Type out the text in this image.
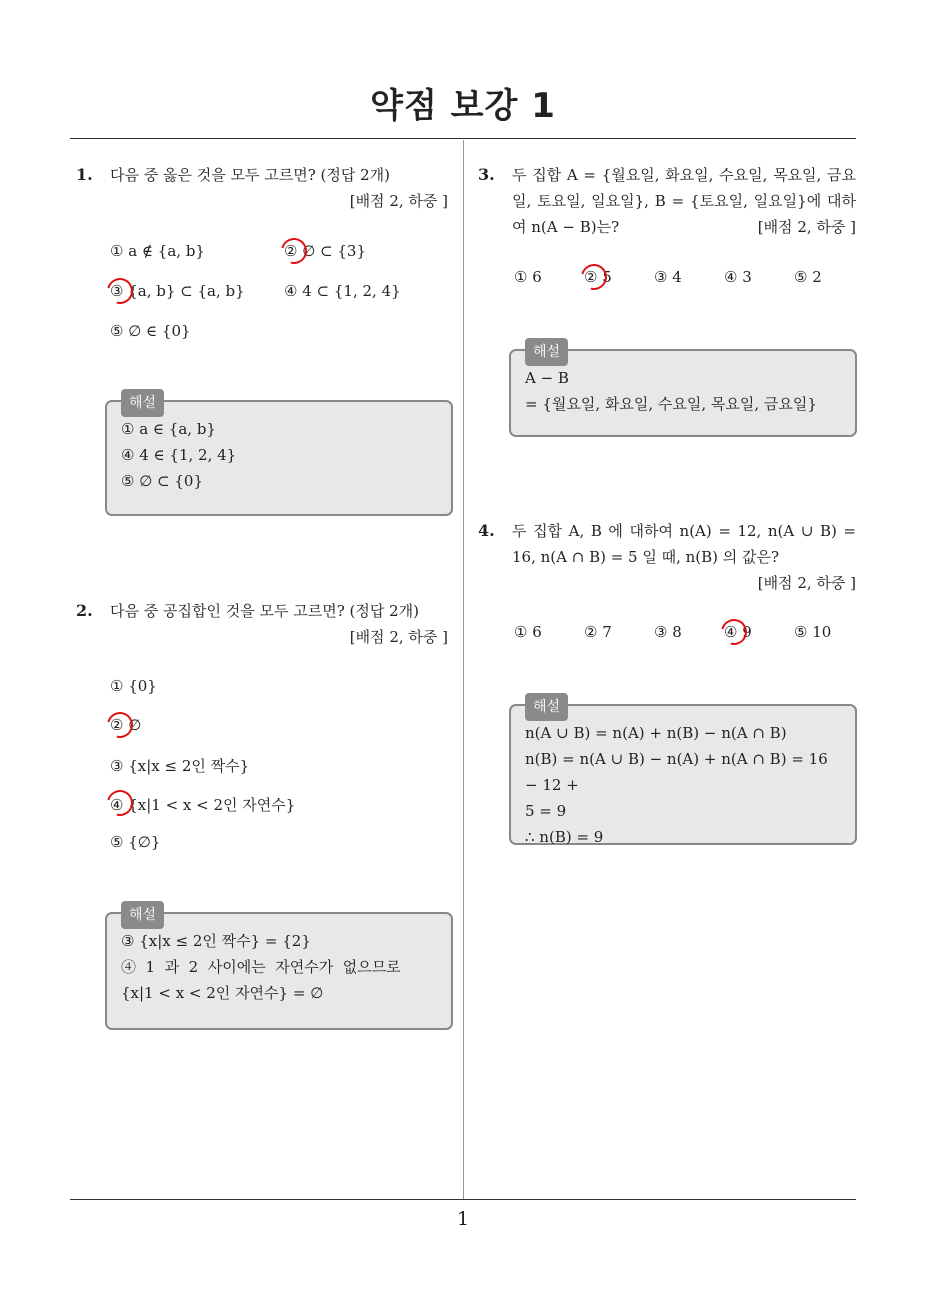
약점 보강 1
1
1. 다음 중 옳은 것을 모두 고르면? (정답 2개)
[배점 2, 하중 ]
① a ∉ {a, b}	② ∅ ⊂ {3}
③ {a, b} ⊂ {a, b}	④ 4 ⊂ {1, 2, 4}
⑤ ∅ ∈ {0}
해설

① a ∈ {a, b}

④ 4 ∈ {1, 2, 4}

⑤ ∅ ⊂ {0}

2. 다음 중 공집합인 것을 모두 고르면? (정답 2개)
[배점 2, 하중 ]
① {0}
② ∅
③ {x|x ≤ 2인 짝수}
④ {x|1 < x < 2인 자연수}
⑤ {∅}
해설

③ {x|x ≤ 2인 짝수} = {2}

④  1  과  2  사이에는  자연수가  없으므로

{x|1 < x < 2인 자연수} = ∅

3. 두 집합 A = {월요일, 화요일, 수요일, 목요일, 금요일, 토요일, 일요일}, B = {토요일, 일요일}에 대하여 n(A − B)는?	[배점 2, 하중 ]
① 6	② 5	③ 4	④ 3	⑤ 2
해설

A − B

= {월요일, 화요일, 수요일, 목요일, 금요일}

4. 두 집합 A, B 에 대하여 n(A) = 12, n(A ∪ B) = 16, n(A ∩ B) = 5 일 때, n(B) 의 값은?
[배점 2, 하중 ]
① 6	② 7	③ 8	④ 9	⑤ 10
해설

n(A ∪ B) = n(A) + n(B) − n(A ∩ B)

n(B) = n(A ∪ B) − n(A) + n(A ∩ B) = 16 − 12 +

5 = 9

∴ n(B) = 9
